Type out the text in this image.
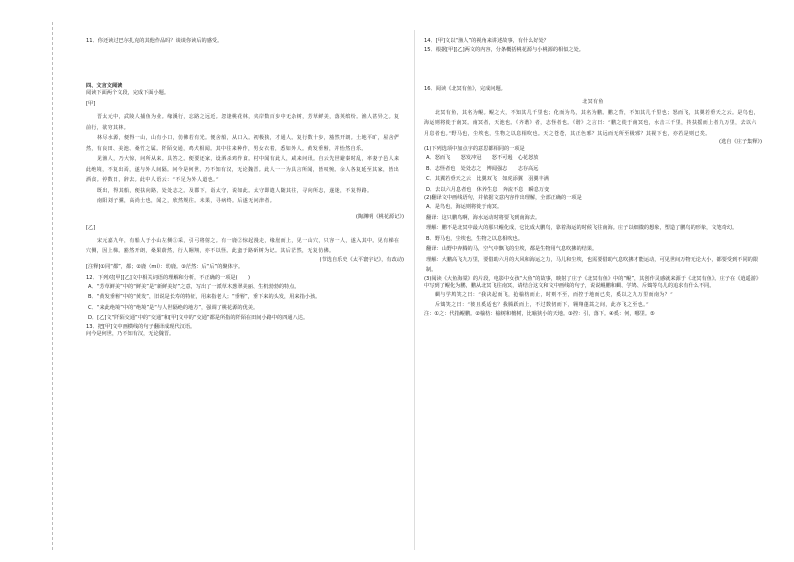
11．你还读过巴尔扎克的其他作品吗？谈谈你读后的感受。

四、文言文阅读

阅读下面两个文段，完成下面小题。

[甲]

晋太元中，武陵人捕鱼为业。缘溪行，忘路之远近。忽逢桃花林，夹岸数百步中无杂树，芳草鲜美，落英缤纷。渔人甚异之。复前行，欲穷其林。

林尽水源，便得一山，山有小口，仿佛若有光。便舍船，从口入。初极狭，才通人。复行数十步，豁然开朗。土地平旷，屋舍俨然，有良田、美池、桑竹之属。阡陌交通，鸡犬相闻。其中往来种作，男女衣着，悉如外人。黄发垂髫，并怡然自乐。

见渔人，乃大惊，问所从来。具答之。便要还家，设酒杀鸡作食。村中闻有此人，咸来问讯。自云先世避秦时乱，率妻子邑人来此绝境，不复出焉，遂与外人间隔。问今是何世，乃不知有汉，无论魏晋。此人一一为具言所闻，皆叹惋。余人各复延至其家，皆出酒食。停数日，辞去。此中人语云：“不足为外人道也。”

既出，得其船，便扶向路，处处志之。及郡下，诣太守，说如此。太守即遣人随其往，寻向所志，遂迷，不复得路。

南阳刘子骥，高尚士也，闻之，欣然规往。未果，寻病终。后遂无问津者。

(陶渊明《桃花源记》)

[乙]

宋元嘉九年，有船人于小山左侧①采，引弓将射之。有一鹿②惊起漫走，缘崖而上，见一山穴，只容一人，遂入其中。见有梯在穴侧，因上梯。豁然开朗，桑果蔚然，行人翱翔，亦不以怪。此蛮于路斫树为记。其后茫然，无复仿佛。

(节选自乐史《太平寰宇记》，有改动)

[注释]①同“都”，都；②鹿（mí）：幼鹿。③茫然：后“后”的聚体字。

12．下列对[甲][乙]文中相关词语的理解和分析，不正确的一项是(　　)

A．“芳草鲜美”中的“鲜美”是“新鲜美好”之意，写出了一派草木葱翠美丽、生机勃勃的特点。

B．“黄发垂髫”中的“黄发”，旧说是长寿的特征，用来指老人；“垂髫”，垂下来的头发，用来指小孩。

C．“来此绝境”中的“绝境”是“与人世隔绝的地方”，强调了桃花源的优美。

D．[乙]文“阡陌交通”中的“交通”和[甲]文中的“交通”都是所指的阡陌在田间小路中的四通八达。

13．把[甲]文中画横线的句子翻译成现代汉语。

问今是何世，乃不知有汉，无论魏晋。

14．[甲]文以“渔人”的视角来讲述故事，有什么好处？

15．根据[甲][乙]两文的内容，分条概括桃花源与小桃源的相似之处。

16．阅读《北冥有鱼》，完成问题。

北冥有鱼

北冥有鱼，其名为鲲。鲲之大，不知其几千里也；化而为鸟，其名为鹏。鹏之背，不知其几千里也；怒而飞，其翼若垂天之云。是鸟也，海运则将徙于南冥。南冥者，天池也。《齐谐》者，志怪者也。《谐》之言曰：“鹏之徙于南冥也，水击三千里，抟扶摇而上者九万里，去以六月息者也。”野马也，尘埃也，生物之以息相吹也。天之苍苍，其正色邪？其远而无所至极邪？其视下也，亦若是则已矣。

(选自《庄子集释》)

(1)下列选项中加点字的意思都相同的一项是

A．怒而飞　　怒发冲冠　　怒不可遏　心花怒放

B．志怪者也　处处志之　博闻强志　　志存高远

C．其翼若垂天之云　比翼双飞　如虎添翼　羽翼丰满

D．去以六月息者也　休养生息　奔流不息　瞬息万变

(2)翻译文中画线语句，并依据文意内容作出理解，全部正确的一项是

A．是鸟也，海运则将徙于南冥。

翻译：这只鹏鸟啊，海水运动时将要飞到南海去。

理解：鹏不是北冥中最大的那只鲲化成，它比成大鹏鸟，靠着海运的时候飞往南海。庄子以细微的想象，塑造了鹏鸟的形象，文笔奇幻。

B．野马也，尘埃也，生物之以息相吹也。

翻译：山野中奔腾的马，空气中飘飞的尘埃，都是生物用气息吹拂的结果。

理解：大鹏高飞九万里，要借助六月的大风和海运之力，马儿和尘埃，也需要借助气息吹拂才能运动，可见世间万物无论大小，都要受到不同的限制。

(3)阅读《大鱼海棠》的片段，电影中女孩“大鱼”的故事，映射了庄子《北冥有鱼》中的“鲲”，其创作灵感就来源于《北冥有鱼》。庄子在《逍遥游》中写到了鲲化为鹏，鹏从北冥飞往南冥，请结合这文和文中画线的句子，说说鲲鹏和蜩、学鸠、斥鴳等鸟儿的追求有什么不同。

蜩与学鸠笑之曰：“我决起而飞，抢榆枋而止，时则不至，而控于地而已矣，奚以之九万里而南为？”

斥鴳笑之曰：“彼且奚适也？我腾跃而上，不过数仞而下，翱翔蓬蒿之间，此亦飞之至也。”

注：①之：代指鲲鹏。②榆枋：榆树和檀树，比喻狭小的天地。③控：引，落下。④奚：何，哪里。⑤
